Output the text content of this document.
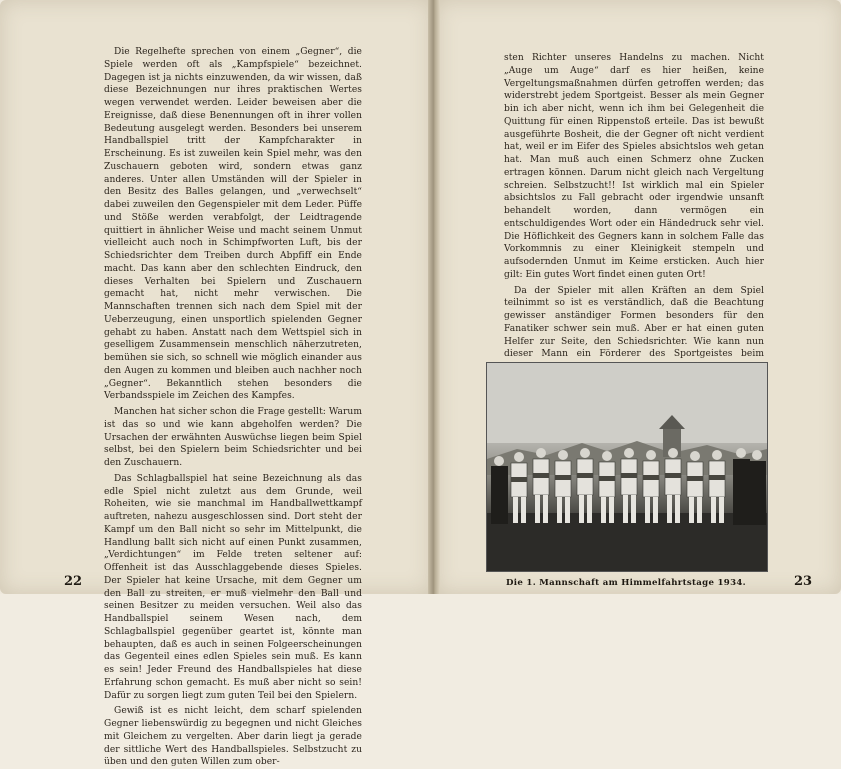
Die Regelhefte sprechen von einem „Gegner“, die Spiele werden oft als „Kampfspiele“ bezeichnet. Dagegen ist ja nichts einzuwenden, da wir wissen, daß diese Bezeichnungen nur ihres praktischen Wertes wegen verwendet werden. Leider beweisen aber die Ereignisse, daß diese Benennungen oft in ihrer vollen Bedeutung ausgelegt werden. Besonders bei unserem Handballspiel tritt der Kampfcharakter in Erscheinung. Es ist zuweilen kein Spiel mehr, was den Zuschauern geboten wird, sondern etwas ganz anderes. Unter allen Umständen will der Spieler in den Besitz des Balles gelangen, und „verwechselt“ dabei zuweilen den Gegenspieler mit dem Leder. Püffe und Stöße werden verabfolgt, der Leidtragende quittiert in ähnlicher Weise und macht seinem Unmut vielleicht auch noch in Schimpfworten Luft, bis der Schiedsrichter dem Treiben durch Abpfiff ein Ende macht. Das kann aber den schlechten Eindruck, den dieses Verhalten bei Spielern und Zuschauern gemacht hat, nicht mehr verwischen. Die Mannschaften trennen sich nach dem Spiel mit der Ueberzeugung, einen unsportlich spielenden Gegner gehabt zu haben. Anstatt nach dem Wettspiel sich in geselligem Zusammensein menschlich näherzutreten, bemühen sie sich, so schnell wie möglich einander aus den Augen zu kommen und bleiben auch nachher noch „Gegner“. Bekanntlich stehen besonders die Verbandsspiele im Zeichen des Kampfes.

Manchen hat sicher schon die Frage gestellt: Warum ist das so und wie kann abgeholfen werden? Die Ursachen der erwähnten Auswüchse liegen beim Spiel selbst, bei den Spielern beim Schiedsrichter und bei den Zuschauern.

Das Schlagballspiel hat seine Bezeichnung als das edle Spiel nicht zuletzt aus dem Grunde, weil Roheiten, wie sie manchmal im Handballwettkampf auftreten, nahezu ausgeschlossen sind. Dort steht der Kampf um den Ball nicht so sehr im Mittelpunkt, die Handlung ballt sich nicht auf einen Punkt zusammen, „Verdichtungen“ im Felde treten seltener auf: Offenheit ist das Ausschlaggebende dieses Spieles. Der Spieler hat keine Ursache, mit dem Gegner um den Ball zu streiten, er muß vielmehr den Ball und seinen Besitzer zu meiden versuchen. Weil also das Handballspiel seinem Wesen nach, dem Schlagballspiel gegenüber geartet ist, könnte man behaupten, daß es auch in seinen Folgeerscheinungen das Gegenteil eines edlen Spieles sein muß. Es kann es sein! Jeder Freund des Handballspieles hat diese Erfahrung schon gemacht. Es muß aber nicht so sein! Dafür zu sorgen liegt zum guten Teil bei den Spielern.

Gewiß ist es nicht leicht, dem scharf spielenden Gegner liebenswürdig zu begegnen und nicht Gleiches mit Gleichem zu vergelten. Aber darin liegt ja gerade der sittliche Wert des Handballspieles. Selbstzucht zu üben und den guten Willen zum ober-

sten Richter unseres Handelns zu machen. Nicht „Auge um Auge“ darf es hier heißen, keine Vergeltungsmaßnahmen dürfen getroffen werden; das widerstrebt jedem Sportgeist. Besser als mein Gegner bin ich aber nicht, wenn ich ihm bei Gelegenheit die Quittung für einen Rippenstoß erteile. Das ist bewußt ausgeführte Bosheit, die der Gegner oft nicht verdient hat, weil er im Eifer des Spieles absichtslos weh getan hat. Man muß auch einen Schmerz ohne Zucken ertragen können. Darum nicht gleich nach Vergeltung schreien. Selbstzucht!! Ist wirklich mal ein Spieler absichtslos zu Fall gebracht oder irgendwie unsanft behandelt worden, dann vermögen ein entschuldigendes Wort oder ein Händedruck sehr viel. Die Höflichkeit des Gegners kann in solchem Falle das Vorkommnis zu einer Kleinigkeit stempeln und aufsodernden Unmut im Keime ersticken. Auch hier gilt: Ein gutes Wort findet einen guten Ort!

Da der Spieler mit allen Kräften an dem Spiel teilnimmt so ist es verständlich, daß die Beachtung gewisser anständiger Formen besonders für den Fanatiker schwer sein muß. Aber er hat einen guten Helfer zur Seite, den Schiedsrichter. Wie kann nun dieser Mann ein Förderer des Sportgeistes beim

Die 1. Mannschaft am Himmelfahrtstage 1934.
22	23
